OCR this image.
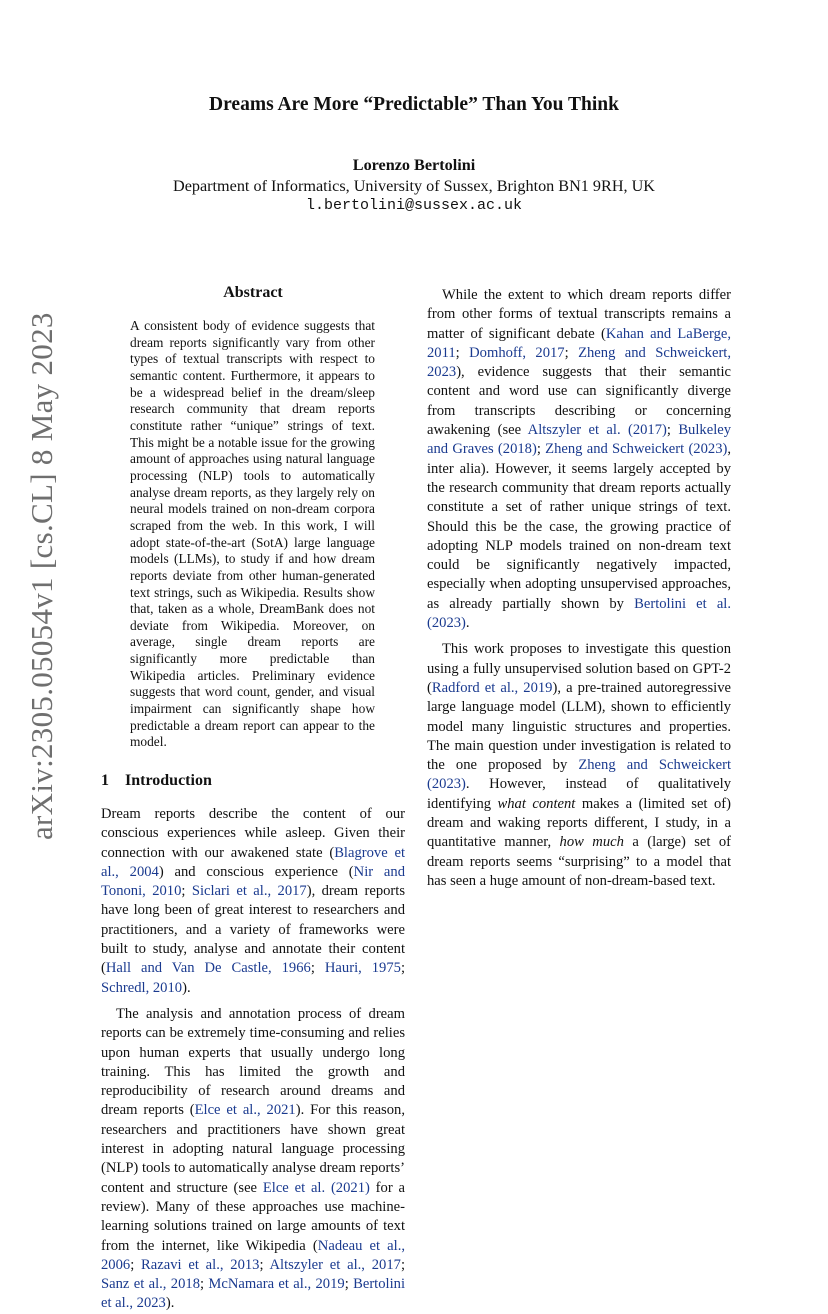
arXiv:2305.05054v1 [cs.CL] 8 May 2023
Dreams Are More “Predictable” Than You Think
Lorenzo Bertolini
Department of Informatics, University of Sussex, Brighton BN1 9RH, UK
l.bertolini@sussex.ac.uk
Abstract
A consistent body of evidence suggests that dream reports significantly vary from other types of textual transcripts with respect to semantic content. Furthermore, it appears to be a widespread belief in the dream/sleep research community that dream reports constitute rather “unique” strings of text. This might be a notable issue for the growing amount of approaches using natural language processing (NLP) tools to automatically analyse dream reports, as they largely rely on neural models trained on non-dream corpora scraped from the web. In this work, I will adopt state-of-the-art (SotA) large language models (LLMs), to study if and how dream reports deviate from other human-generated text strings, such as Wikipedia. Results show that, taken as a whole, DreamBank does not deviate from Wikipedia. Moreover, on average, single dream reports are significantly more predictable than Wikipedia articles. Preliminary evidence suggests that word count, gender, and visual impairment can significantly shape how predictable a dream report can appear to the model.
1 Introduction

Dream reports describe the content of our conscious experiences while asleep. Given their connection with our awakened state (Blagrove et al., 2004) and conscious experience (Nir and Tononi, 2010; Siclari et al., 2017), dream reports have long been of great interest to researchers and practitioners, and a variety of frameworks were built to study, analyse and annotate their content (Hall and Van De Castle, 1966; Hauri, 1975; Schredl, 2010).

The analysis and annotation process of dream reports can be extremely time-consuming and relies upon human experts that usually undergo long training. This has limited the growth and reproducibility of research around dreams and dream reports (Elce et al., 2021). For this reason, researchers and practitioners have shown great interest in adopting natural language processing (NLP) tools to automatically analyse dream reports’ content and structure (see Elce et al. (2021) for a review). Many of these approaches use machine-learning solutions trained on large amounts of text from the internet, like Wikipedia (Nadeau et al., 2006; Razavi et al., 2013; Altszyler et al., 2017; Sanz et al., 2018; McNamara et al., 2019; Bertolini et al., 2023).

While the extent to which dream reports differ from other forms of textual transcripts remains a matter of significant debate (Kahan and LaBerge, 2011; Domhoff, 2017; Zheng and Schweickert, 2023), evidence suggests that their semantic content and word use can significantly diverge from transcripts describing or concerning awakening (see Altszyler et al. (2017); Bulkeley and Graves (2018); Zheng and Schweickert (2023), inter alia). However, it seems largely accepted by the research community that dream reports actually constitute a set of rather unique strings of text. Should this be the case, the growing practice of adopting NLP models trained on non-dream text could be significantly negatively impacted, especially when adopting unsupervised approaches, as already partially shown by Bertolini et al. (2023).

This work proposes to investigate this question using a fully unsupervised solution based on GPT-2 (Radford et al., 2019), a pre-trained autoregressive large language model (LLM), shown to efficiently model many linguistic structures and properties. The main question under investigation is related to the one proposed by Zheng and Schweickert (2023). However, instead of qualitatively identifying what content makes a (limited set of) dream and waking reports different, I study, in a quantitative manner, how much a (large) set of dream reports seems “surprising” to a model that has seen a huge amount of non-dream-based text.
